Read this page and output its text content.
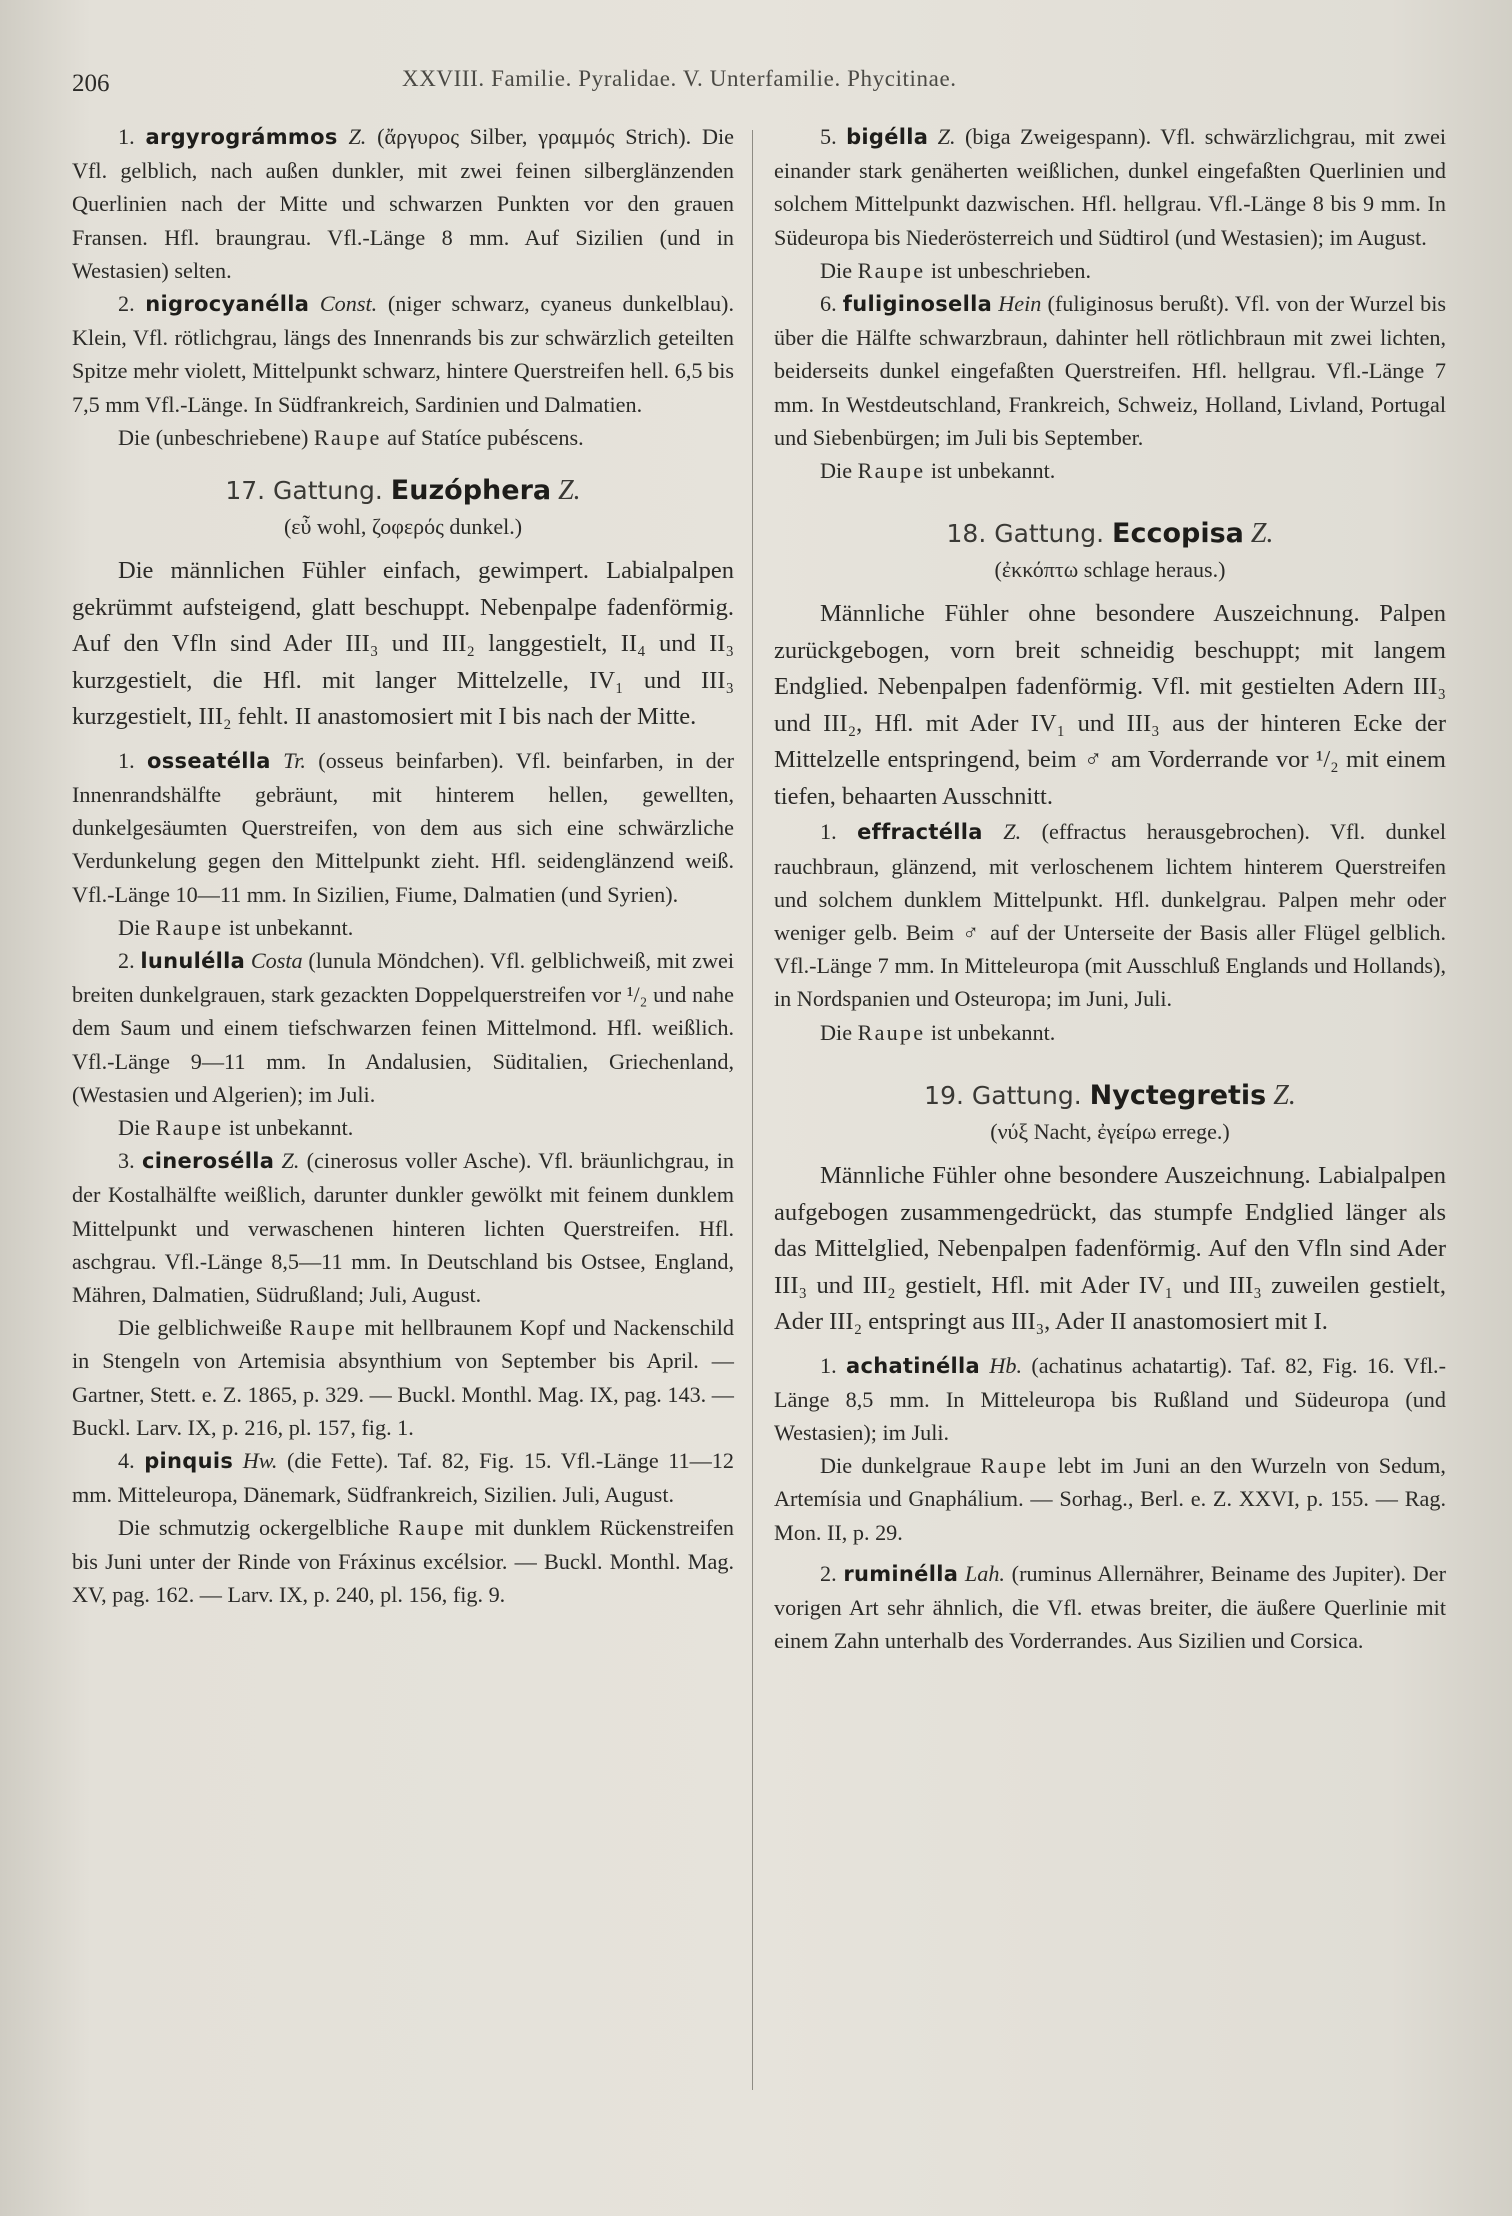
206	XXVIII. Familie. Pyralidae. V. Unterfamilie. Phycitinae.

1. argyrográmmos Z. (ἄργυρος Silber, γραμμός Strich). Die Vfl. gelblich, nach außen dunkler, mit zwei feinen silberglänzenden Querlinien nach der Mitte und schwarzen Punkten vor den grauen Fransen. Hfl. braungrau. Vfl.-Länge 8 mm. Auf Sizilien (und in Westasien) selten.

2. nigrocyanélla Const. (niger schwarz, cyaneus dunkelblau). Klein, Vfl. rötlichgrau, längs des Innenrands bis zur schwärzlich geteilten Spitze mehr violett, Mittelpunkt schwarz, hintere Querstreifen hell. 6,5 bis 7,5 mm Vfl.-Länge. In Südfrankreich, Sardinien und Dalmatien.

Die (unbeschriebene) Raupe auf Statíce pubéscens.

17. Gattung. Euzóphera Z.
(εὖ wohl, ζοφερός dunkel.)

Die männlichen Fühler einfach, gewimpert. Labialpalpen gekrümmt aufsteigend, glatt beschuppt. Nebenpalpe fadenförmig. Auf den Vfln sind Ader III₃ und III₂ langgestielt, II₄ und II₃ kurzgestielt, die Hfl. mit langer Mittelzelle, IV₁ und III₃ kurzgestielt, III₂ fehlt. II anastomosiert mit I bis nach der Mitte.

1. osseatélla Tr. (osseus beinfarben). Vfl. beinfarben, in der Innenrandshälfte gebräunt, mit hinterem hellen, gewellten, dunkelgesäumten Querstreifen, von dem aus sich eine schwärzliche Verdunkelung gegen den Mittelpunkt zieht. Hfl. seidenglänzend weiß. Vfl.-Länge 10—11 mm. In Sizilien, Fiume, Dalmatien (und Syrien).

Die Raupe ist unbekannt.

2. lunulélla Costa (lunula Möndchen). Vfl. gelblichweiß, mit zwei breiten dunkelgrauen, stark gezackten Doppelquerstreifen vor ¹/₂ und nahe dem Saum und einem tiefschwarzen feinen Mittelmond. Hfl. weißlich. Vfl.-Länge 9—11 mm. In Andalusien, Süditalien, Griechenland, (Westasien und Algerien); im Juli.

Die Raupe ist unbekannt.

3. cinerosélla Z. (cinerosus voller Asche). Vfl. bräunlichgrau, in der Kostalhälfte weißlich, darunter dunkler gewölkt mit feinem dunklem Mittelpunkt und verwaschenen hinteren lichten Querstreifen. Hfl. aschgrau. Vfl.-Länge 8,5—11 mm. In Deutschland bis Ostsee, England, Mähren, Dalmatien, Südrußland; Juli, August.

Die gelblichweiße Raupe mit hellbraunem Kopf und Nackenschild in Stengeln von Artemisia absynthium von September bis April. — Gartner, Stett. e. Z. 1865, p. 329. — Buckl. Monthl. Mag. IX, pag. 143. — Buckl. Larv. IX, p. 216, pl. 157, fig. 1.

4. pinquis Hw. (die Fette). Taf. 82, Fig. 15. Vfl.-Länge 11—12 mm. Mitteleuropa, Dänemark, Südfrankreich, Sizilien. Juli, August.

Die schmutzig ockergelbliche Raupe mit dunklem Rückenstreifen bis Juni unter der Rinde von Fráxinus excélsior. — Buckl. Monthl. Mag. XV, pag. 162. — Larv. IX, p. 240, pl. 156, fig. 9.

5. bigélla Z. (biga Zweigespann). Vfl. schwärzlichgrau, mit zwei einander stark genäherten weißlichen, dunkel eingefaßten Querlinien und solchem Mittelpunkt dazwischen. Hfl. hellgrau. Vfl.-Länge 8 bis 9 mm. In Südeuropa bis Niederösterreich und Südtirol (und Westasien); im August.

Die Raupe ist unbeschrieben.

6. fuliginosella Hein (fuliginosus berußt). Vfl. von der Wurzel bis über die Hälfte schwarzbraun, dahinter hell rötlichbraun mit zwei lichten, beiderseits dunkel eingefaßten Querstreifen. Hfl. hellgrau. Vfl.-Länge 7 mm. In Westdeutschland, Frankreich, Schweiz, Holland, Livland, Portugal und Siebenbürgen; im Juli bis September.

Die Raupe ist unbekannt.

18. Gattung. Eccopisa Z.
(ἐκκόπτω schlage heraus.)

Männliche Fühler ohne besondere Auszeichnung. Palpen zurückgebogen, vorn breit schneidig beschuppt; mit langem Endglied. Nebenpalpen fadenförmig. Vfl. mit gestielten Adern III₃ und III₂, Hfl. mit Ader IV₁ und III₃ aus der hinteren Ecke der Mittelzelle entspringend, beim ♂ am Vorderrande vor ¹/₂ mit einem tiefen, behaarten Ausschnitt.

1. effractélla Z. (effractus herausgebrochen). Vfl. dunkel rauchbraun, glänzend, mit verloschenem lichtem hinterem Querstreifen und solchem dunklem Mittelpunkt. Hfl. dunkelgrau. Palpen mehr oder weniger gelb. Beim ♂ auf der Unterseite der Basis aller Flügel gelblich. Vfl.-Länge 7 mm. In Mitteleuropa (mit Ausschluß Englands und Hollands), in Nordspanien und Osteuropa; im Juni, Juli.

Die Raupe ist unbekannt.

19. Gattung. Nyctegretis Z.
(νύξ Nacht, ἐγείρω errege.)

Männliche Fühler ohne besondere Auszeichnung. Labialpalpen aufgebogen zusammengedrückt, das stumpfe Endglied länger als das Mittelglied, Nebenpalpen fadenförmig. Auf den Vfln sind Ader III₃ und III₂ gestielt, Hfl. mit Ader IV₁ und III₃ zuweilen gestielt, Ader III₂ entspringt aus III₃, Ader II anastomosiert mit I.

1. achatinélla Hb. (achatinus achatartig). Taf. 82, Fig. 16. Vfl.-Länge 8,5 mm. In Mitteleuropa bis Rußland und Südeuropa (und Westasien); im Juli.

Die dunkelgraue Raupe lebt im Juni an den Wurzeln von Sedum, Artemísia und Gnaphálium. — Sorhag., Berl. e. Z. XXVI, p. 155. — Rag. Mon. II, p. 29.

2. ruminélla Lah. (ruminus Allernährer, Beiname des Jupiter). Der vorigen Art sehr ähnlich, die Vfl. etwas breiter, die äußere Querlinie mit einem Zahn unterhalb des Vorderrandes. Aus Sizilien und Corsica.
